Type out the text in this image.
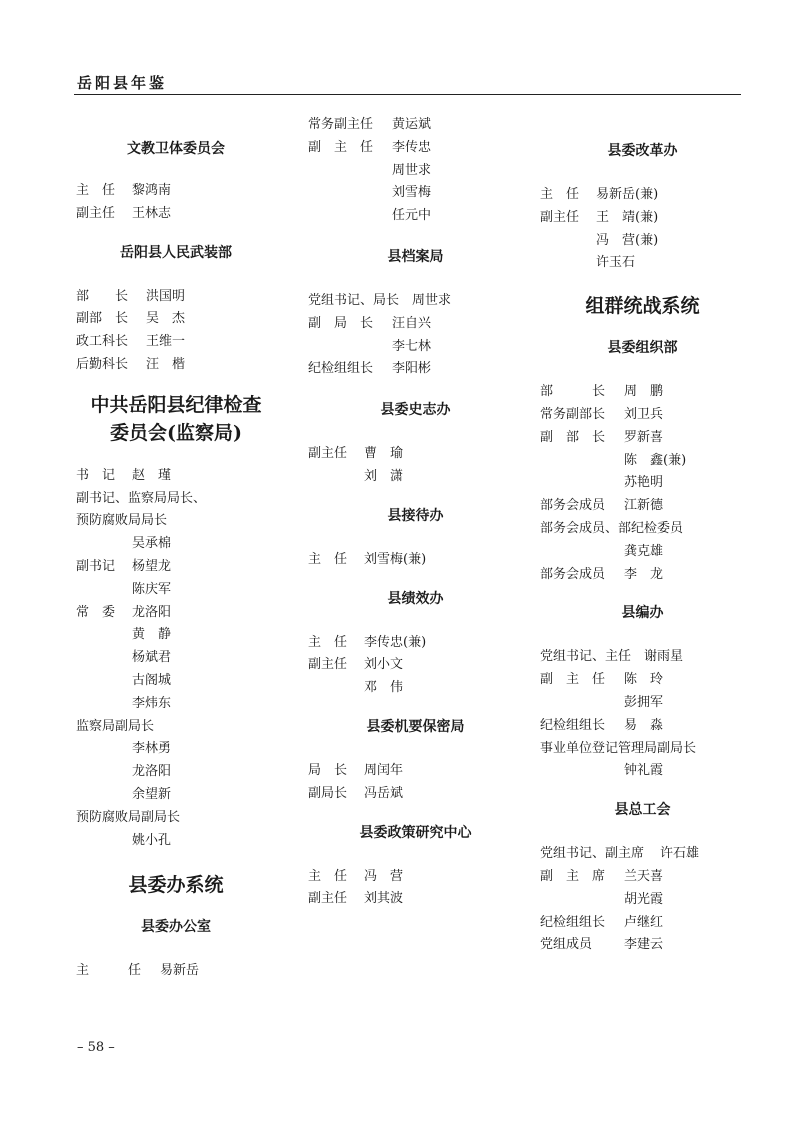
岳阳县年鉴
文教卫体委员会
主　任 黎鸿南
副主任 王林志
岳阳县人民武装部
部　　长 洪国明
副部　长 吴　杰
政工科长 王维一
后勤科长 汪　楷
中共岳阳县纪律检查
委员会(监察局)
书　记 赵　瑾
副书记、监察局局长、
预防腐败局局长
吴承棉
副书记 杨望龙
陈庆军
常　委 龙洛阳
黄　静
杨斌君
古阁城
李炜东
监察局副局长
李林勇
龙洛阳
余望新
预防腐败局副局长
姚小孔
县委办系统
县委办公室
主　　　任 易新岳
常务副主任 黄运斌
副　主　任 李传忠
周世求
刘雪梅
任元中
县档案局
党组书记、局长 周世求
副　局　长 汪自兴
李七林
纪检组组长 李阳彬
县委史志办
副主任 曹　瑜
刘　潇
县接待办
主　任 刘雪梅(兼)
县绩效办
主　任 李传忠(兼)
副主任 刘小文
邓　伟
县委机要保密局
局　长 周闰年
副局长 冯岳斌
县委政策研究中心
主　任 冯　营
副主任 刘其波
县委改革办
主　任 易新岳(兼)
副主任 王　靖(兼)
冯　营(兼)
许玉石
组群统战系统
县委组织部
部　　　长 周　鹏
常务副部长 刘卫兵
副　部　长 罗新喜
陈　鑫(兼)
苏艳明
部务会成员 江新德
部务会成员、部纪检委员
龚克雄
部务会成员 李　龙
县编办
党组书记、主任 谢雨星
副　主　任 陈　玲
彭拥军
纪检组组长 易　淼
事业单位登记管理局副局长
钟礼霞
县总工会
党组书记、副主席 许石雄
副　主　席 兰天喜
胡光霞
纪检组组长 卢继红
党组成员 李建云
– 58 –
